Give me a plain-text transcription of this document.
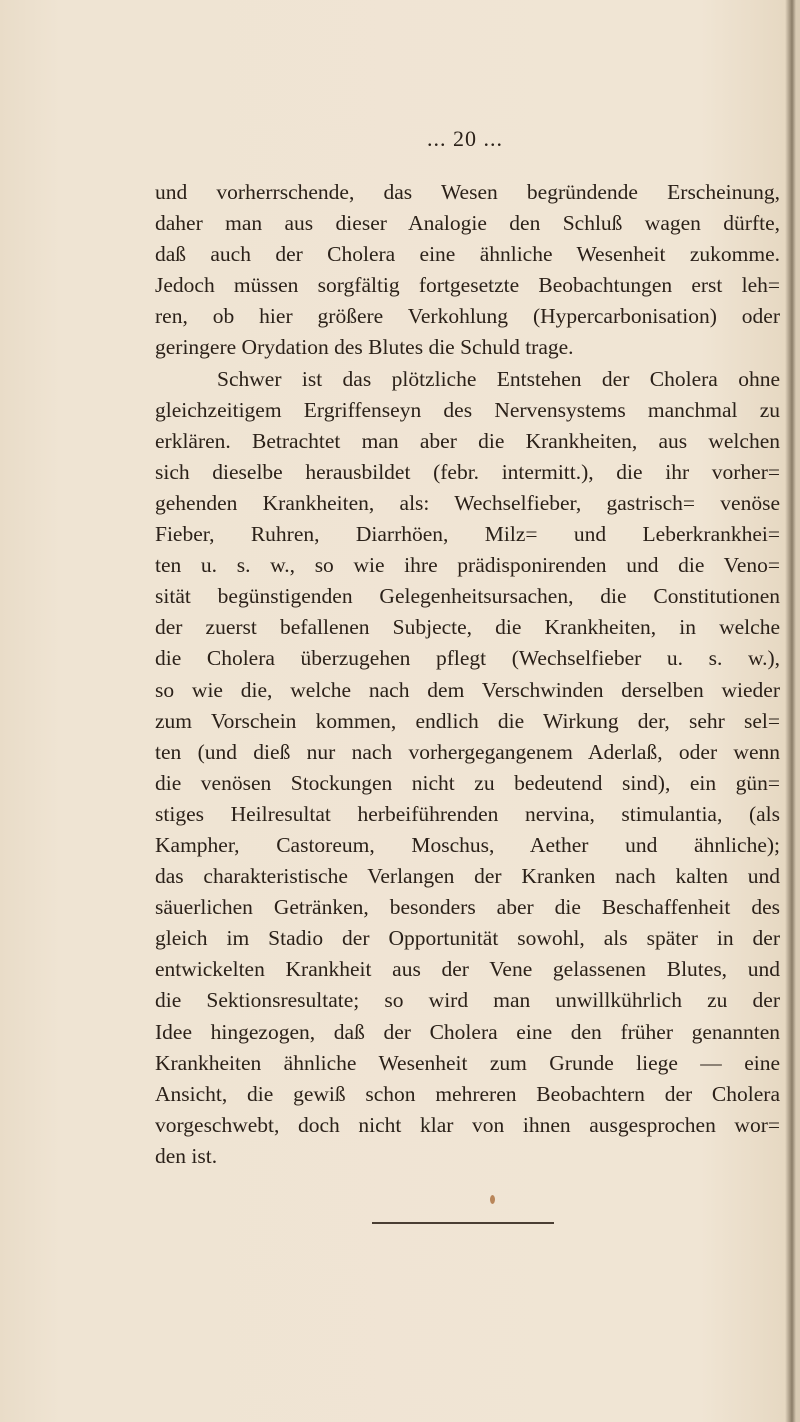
... 20 ...
und vorherrschende, das Wesen begründende Erscheinung,
daher man aus dieser Analogie den Schluß wagen dürfte,
daß auch der Cholera eine ähnliche Wesenheit zukomme.
Jedoch müssen sorgfältig fortgesetzte Beobachtungen erst leh=
ren, ob hier größere Verkohlung (Hypercarbonisation) oder
geringere Orydation des Blutes die Schuld trage.
Schwer ist das plötzliche Entstehen der Cholera ohne
gleichzeitigem Ergriffenseyn des Nervensystems manchmal zu
erklären. Betrachtet man aber die Krankheiten, aus welchen
sich dieselbe herausbildet (febr. intermitt.), die ihr vorher=
gehenden Krankheiten, als: Wechselfieber, gastrisch= venöse
Fieber, Ruhren, Diarrhöen, Milz= und Leberkrankhei=
ten u. s. w., so wie ihre prädisponirenden und die Veno=
sität begünstigenden Gelegenheitsursachen, die Constitutionen
der zuerst befallenen Subjecte, die Krankheiten, in welche
die Cholera überzugehen pflegt (Wechselfieber u. s. w.),
so wie die, welche nach dem Verschwinden derselben wieder
zum Vorschein kommen, endlich die Wirkung der, sehr sel=
ten (und dieß nur nach vorhergegangenem Aderlaß, oder wenn
die venösen Stockungen nicht zu bedeutend sind), ein gün=
stiges Heilresultat herbeiführenden nervina, stimulantia, (als
Kampher, Castoreum, Moschus, Aether und ähnliche);
das charakteristische Verlangen der Kranken nach kalten und
säuerlichen Getränken, besonders aber die Beschaffenheit des
gleich im Stadio der Opportunität sowohl, als später in der
entwickelten Krankheit aus der Vene gelassenen Blutes, und
die Sektionsresultate; so wird man unwillkührlich zu der
Idee hingezogen, daß der Cholera eine den früher genannten
Krankheiten ähnliche Wesenheit zum Grunde liege — eine
Ansicht, die gewiß schon mehreren Beobachtern der Cholera
vorgeschwebt, doch nicht klar von ihnen ausgesprochen wor=
den ist.
